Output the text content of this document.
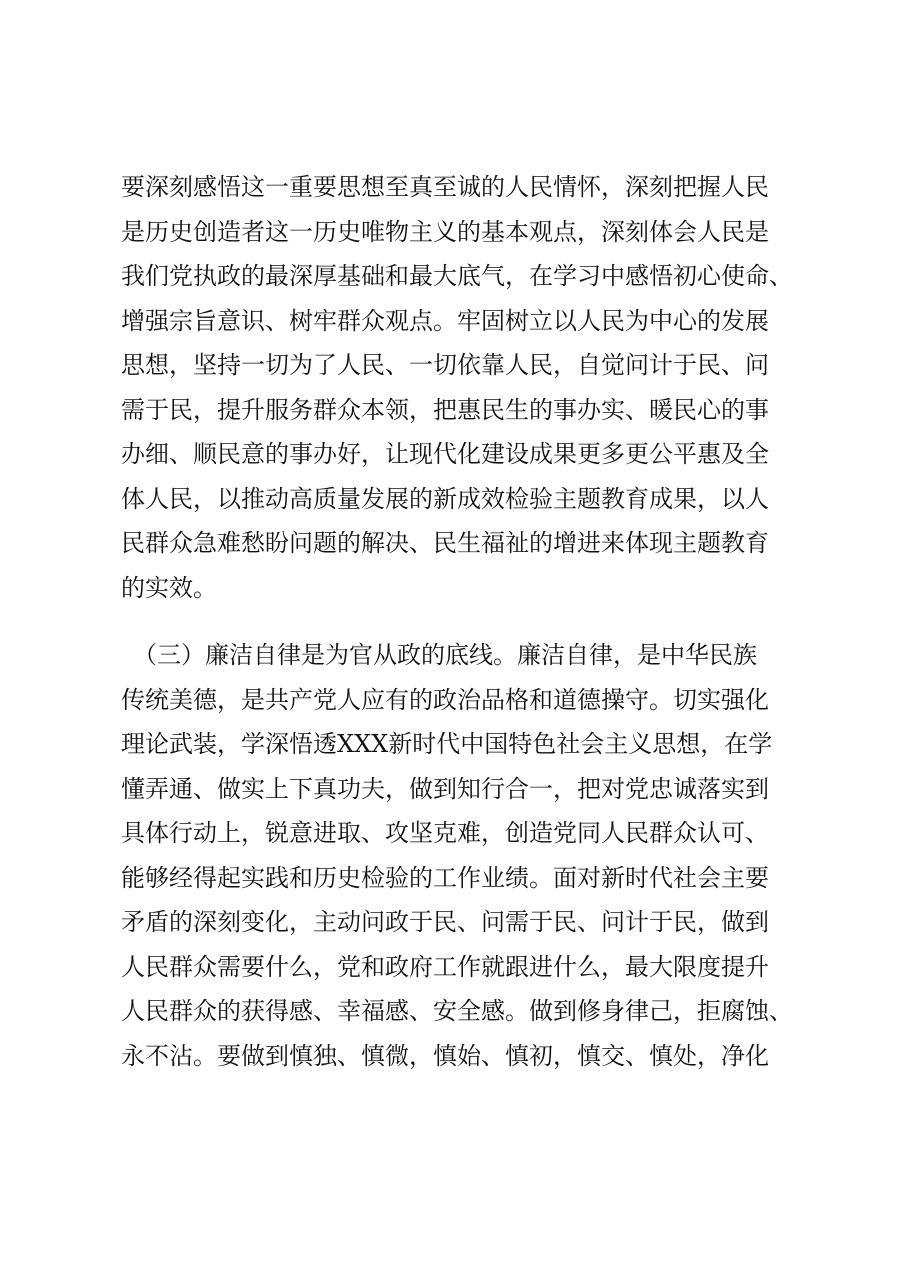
要深刻感悟这一重要思想至真至诚的人民情怀，深刻把握人民
是历史创造者这一历史唯物主义的基本观点，深刻体会人民是
我们党执政的最深厚基础和最大底气，在学习中感悟初心使命、
增强宗旨意识、树牢群众观点。牢固树立以人民为中心的发展
思想，坚持一切为了人民、一切依靠人民，自觉问计于民、问
需于民，提升服务群众本领，把惠民生的事办实、暖民心的事
办细、顺民意的事办好，让现代化建设成果更多更公平惠及全
体人民，以推动高质量发展的新成效检验主题教育成果，以人
民群众急难愁盼问题的解决、民生福祉的增进来体现主题教育
的实效。
　（三）廉洁自律是为官从政的底线。廉洁自律，是中华民族
传统美德，是共产党人应有的政治品格和道德操守。切实强化
理论武装，学深悟透XXX新时代中国特色社会主义思想，在学
懂弄通、做实上下真功夫，做到知行合一，把对党忠诚落实到
具体行动上，锐意进取、攻坚克难，创造党同人民群众认可、
能够经得起实践和历史检验的工作业绩。面对新时代社会主要
矛盾的深刻变化，主动问政于民、问需于民、问计于民，做到
人民群众需要什么，党和政府工作就跟进什么，最大限度提升
人民群众的获得感、幸福感、安全感。做到修身律己，拒腐蚀、
永不沾。要做到慎独、慎微，慎始、慎初，慎交、慎处，净化
